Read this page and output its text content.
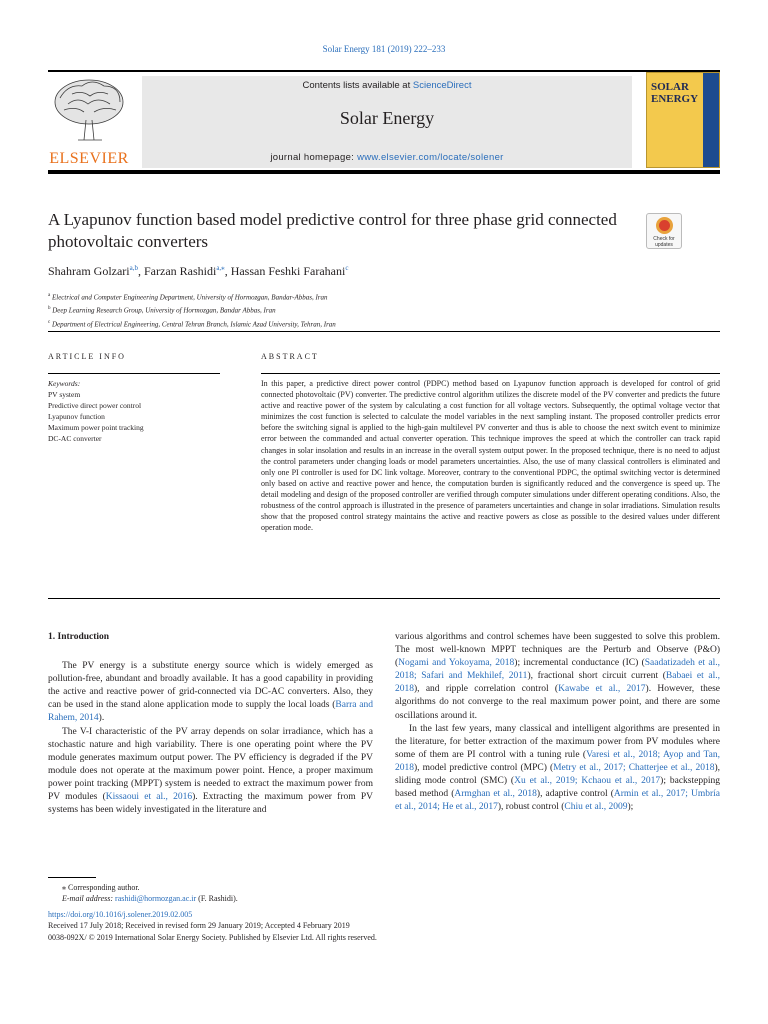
Solar Energy 181 (2019) 222–233
ELSEVIER
Contents lists available at ScienceDirect
Solar Energy
journal homepage: www.elsevier.com/locate/solener
SOLAR ENERGY
A Lyapunov function based model predictive control for three phase grid connected photovoltaic converters	Check for updates
Shahram Golzari$^{a,b}$, Farzan Rashidi$^{a,⁎}$, Hassan Feshki Farahani$^c$
$^a$ Electrical and Computer Engineering Department, University of Hormozgan, Bandar-Abbas, Iran
$^b$ Deep Learning Research Group, University of Hormozgan, Bandar Abbas, Iran
$^c$ Department of Electrical Engineering, Central Tehran Branch, Islamic Azad University, Tehran, Iran
ARTICLE INFO	ABSTRACT
Keywords:
PV system
Predictive direct power control
Lyapunov function
Maximum power point tracking
DC-AC converter
In this paper, a predictive direct power control (PDPC) method based on Lyapunov function approach is developed for control of grid connected photovoltaic (PV) converter. The predictive control algorithm utilizes the discrete model of the PV converter and predicts the future active and reactive power of the system by calculating a cost function for all voltage vectors. Subsequently, the optimal voltage vector that minimizes the cost function is selected to calculate the model variables in the next sampling instant. The proposed controller predicts error before the switching signal is applied to the high-gain multilevel PV converter and thus is able to choose the next switch event to minimize error between the commanded and actual converter operation. This technique improves the speed at which the controller can track rapid changes in solar insolation and results in an increase in the overall system output power. In the proposed technique, there is no need to adjust the control parameters under changing loads or model parameters uncertainties. Also, the use of many classical controllers is eliminated and only one PI controller is used for DC link voltage. Moreover, contrary to the conventional PDPC, the optimal switching vector is determined only based on active and reactive power and hence, the computation burden is significantly reduced and the convergence is speed up. The detail modeling and design of the proposed controller are verified through computer simulations under different operating conditions. Also, the robustness of the control approach is illustrated in the presence of parameters uncertainties and change in solar irradiations. Simulation results show that the proposed control strategy maintains the active and reactive powers as close as possible to the desired values under different operation mode.
1. Introduction

The PV energy is a substitute energy source which is widely emerged as pollution-free, abundant and broadly available. It has a good capability in providing the active and reactive power of grid-connected via DC-AC converters. Also, they can be used in the stand alone application mode to supply the local loads (Barra and Rahem, 2014).

The V-I characteristic of the PV array depends on solar irradiance, which has a stochastic nature and high variability. There is one operating point where the PV module generates maximum output power. The PV efficiency is degraded if the PV module does not operate at the maximum power point. Hence, a proper maximum power point tracking (MPPT) system is needed to extract the maximum power from PV modules (Kissaoui et al., 2016). Extracting the maximum power from PV systems has been widely investigated in the literature and

various algorithms and control schemes have been suggested to solve this problem. The most well-known MPPT techniques are the Perturb and Observe (P&O) (Nogami and Yokoyama, 2018); incremental conductance (IC) (Saadatizadeh et al., 2018; Safari and Mekhilef, 2011), fractional short circuit current (Babaei et al., 2018), and ripple correlation control (Kawabe et al., 2017). However, these algorithms do not converge to the real maximum power point, and there are some oscillations around it.

In the last few years, many classical and intelligent algorithms are presented in the literature, for better extraction of the maximum power from PV modules where some of them are PI control with a tuning rule (Varesi et al., 2018; Ayop and Tan, 2018), model predictive control (MPC) (Metry et al., 2017; Chatterjee et al., 2018), sliding mode control (SMC) (Xu et al., 2019; Kchaou et al., 2017); backstepping based method (Armghan et al., 2018), adaptive control (Armin et al., 2017; Umbría et al., 2014; He et al., 2017), robust control (Chiu et al., 2009);

⁎ Corresponding author.
E-mail address: rashidi@hormozgan.ac.ir (F. Rashidi).
https://doi.org/10.1016/j.solener.2019.02.005
Received 17 July 2018; Received in revised form 29 January 2019; Accepted 4 February 2019
0038-092X/ © 2019 International Solar Energy Society. Published by Elsevier Ltd. All rights reserved.
